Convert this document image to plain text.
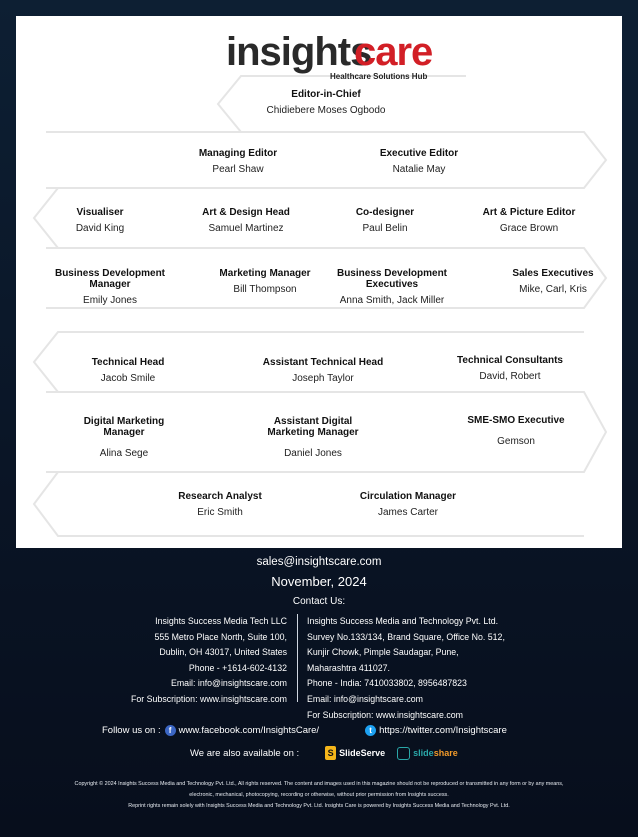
insights
care
Healthcare Solutions Hub
Editor-in-Chief
Chidiebere Moses Ogbodo
Managing Editor
Pearl Shaw
Executive Editor
Natalie May
Visualiser
David King
Art & Design Head
Samuel Martinez
Co-designer
Paul Belin
Art & Picture Editor
Grace Brown
Business Development
Manager
Emily Jones
Marketing Manager
Bill Thompson
Business Development
Executives
Anna Smith, Jack Miller
Sales Executives
Mike, Carl, Kris
Technical Head
Jacob Smile
Assistant Technical Head
Joseph Taylor
Technical Consultants
David, Robert
Digital Marketing
Manager
Alina Sege
Assistant Digital
Marketing Manager
Daniel Jones
SME-SMO Executive
Gemson
Research Analyst
Eric Smith
Circulation Manager
James Carter
sales@insightscare.com
November, 2024
Contact Us:
Insights Success Media Tech LLC
555 Metro Place North, Suite 100,
Dublin, OH 43017, United States
Phone - +1614-602-4132
Email: info@insightscare.com
For Subscription: www.insightscare.com
Insights Success Media and Technology Pvt. Ltd.
Survey No.133/134, Brand Square, Office No. 512,
Kunjir Chowk, Pimple Saudagar, Pune,
Maharashtra 411027.
Phone - India: 7410033802, 8956487823
Email: info@insightscare.com
For Subscription: www.insightscare.com
Follow us on :	f www.facebook.com/InsightsCare/	t https://twitter.com/Insightscare
We are also available on :	S SlideServe	slideshare
Copyright © 2024 Insights Success Media and Technology Pvt. Ltd., All rights reserved. The content and images used in this magazine should not be reproduced or transmitted in any form or by any means,
electronic, mechanical, photocopying, recording or otherwise, without prior permission from Insights success.
Reprint rights remain solely with Insights Success Media and Technology Pvt. Ltd. Insights Care is powered by Insights Success Media and Technology Pvt. Ltd.
